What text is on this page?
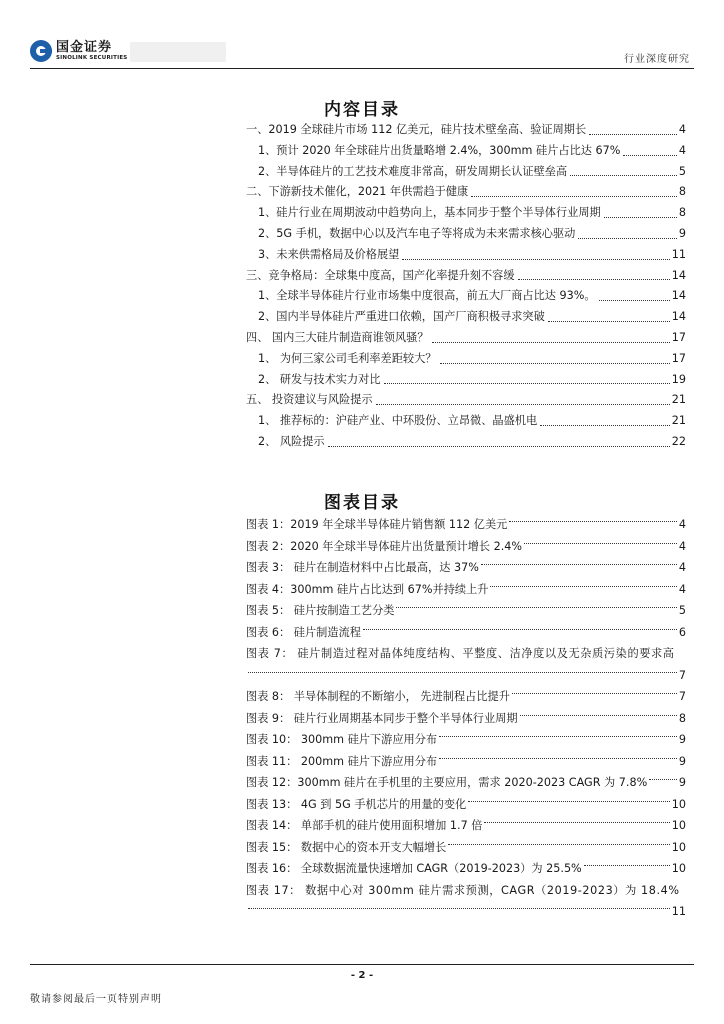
国金证券
SINOLINK SECURITIES	行业深度研究
内容目录
一、2019 全球硅片市场 112 亿美元，硅片技术壁垒高、验证周期长	4
1、预计 2020 年全球硅片出货量略增 2.4%，300mm 硅片占比达 67%	4
2、半导体硅片的工艺技术难度非常高，研发周期长认证壁垒高	5
二、下游新技术催化，2021 年供需趋于健康	8
1、硅片行业在周期波动中趋势向上，基本同步于整个半导体行业周期	8
2、5G 手机，数据中心以及汽车电子等将成为未来需求核心驱动	9
3、未来供需格局及价格展望	11
三、竞争格局：全球集中度高，国产化率提升刻不容缓	14
1、全球半导体硅片行业市场集中度很高，前五大厂商占比达 93%。	14
2、国内半导体硅片严重进口依赖，国产厂商积极寻求突破	14
四、 国内三大硅片制造商谁领风骚？	17
1、 为何三家公司毛利率差距较大？	17
2、 研发与技术实力对比	19
五、 投资建议与风险提示	21
1、 推荐标的：沪硅产业、中环股份、立昂微、晶盛机电	21
2、 风险提示	22
图表目录
图表 1：2019 年全球半导体硅片销售额 112 亿美元	4
图表 2：2020 年全球半导体硅片出货量预计增长 2.4%	4
图表 3： 硅片在制造材料中占比最高，达 37%	4
图表 4：300mm 硅片占比达到 67%并持续上升	4
图表 5： 硅片按制造工艺分类	5
图表 6： 硅片制造流程	6
图表 7： 硅片制造过程对晶体纯度结构、平整度、洁净度以及无杂质污染的要求高
7
图表 8： 半导体制程的不断缩小， 先进制程占比提升	7
图表 9： 硅片行业周期基本同步于整个半导体行业周期	8
图表 10： 300mm 硅片下游应用分布	9
图表 11： 200mm 硅片下游应用分布	9
图表 12：300mm 硅片在手机里的主要应用，需求 2020-2023 CAGR 为 7.8%	9
图表 13： 4G 到 5G 手机芯片的用量的变化	10
图表 14： 单部手机的硅片使用面积增加 1.7 倍	10
图表 15： 数据中心的资本开支大幅增长	10
图表 16： 全球数据流量快速增加 CAGR（2019-2023）为 25.5%	10
图表 17： 数据中心对 300mm 硅片需求预测，CAGR（2019-2023）为 18.4%
11
- 2 -
敬请参阅最后一页特别声明
